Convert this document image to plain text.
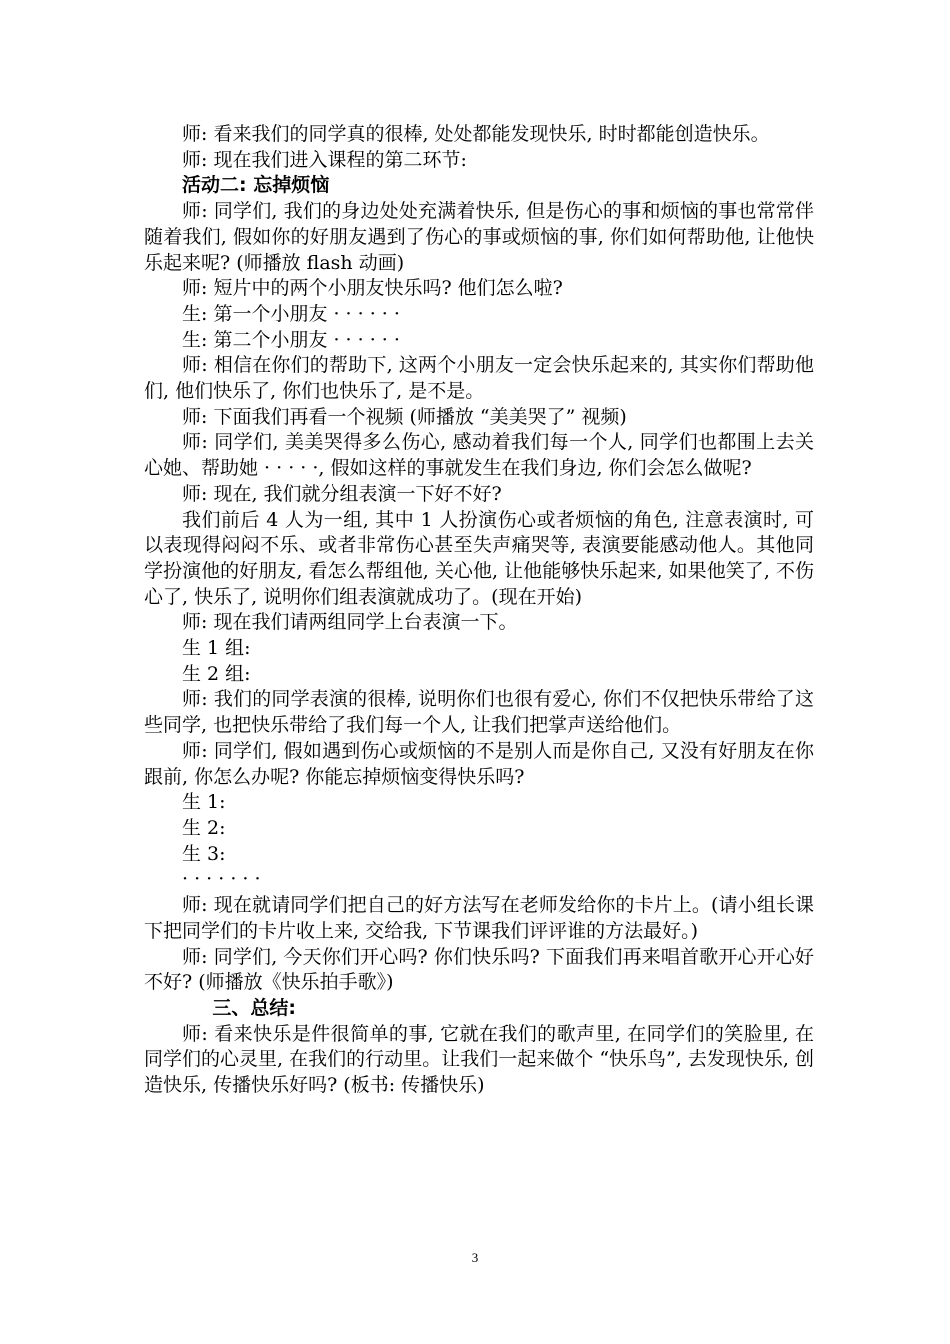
师: 看来我们的同学真的很棒, 处处都能发现快乐, 时时都能创造快乐。

师: 现在我们进入课程的第二环节:

活动二: 忘掉烦恼

师: 同学们, 我们的身边处处充满着快乐, 但是伤心的事和烦恼的事也常常伴随着我们, 假如你的好朋友遇到了伤心的事或烦恼的事, 你们如何帮助他, 让他快乐起来呢? (师播放 flash 动画)

师: 短片中的两个小朋友快乐吗? 他们怎么啦?

生: 第一个小朋友 · · · · · ·

生: 第二个小朋友 · · · · · ·

师: 相信在你们的帮助下, 这两个小朋友一定会快乐起来的, 其实你们帮助他们, 他们快乐了, 你们也快乐了, 是不是。

师: 下面我们再看一个视频 (师播放 “美美哭了” 视频)

师: 同学们, 美美哭得多么伤心, 感动着我们每一个人, 同学们也都围上去关心她、帮助她 · · · · ·, 假如这样的事就发生在我们身边, 你们会怎么做呢?

师: 现在, 我们就分组表演一下好不好?

我们前后 4 人为一组, 其中 1 人扮演伤心或者烦恼的角色, 注意表演时, 可以表现得闷闷不乐、或者非常伤心甚至失声痛哭等, 表演要能感动他人。其他同学扮演他的好朋友, 看怎么帮组他, 关心他, 让他能够快乐起来, 如果他笑了, 不伤心了, 快乐了, 说明你们组表演就成功了。(现在开始)

师: 现在我们请两组同学上台表演一下。

生 1 组:

生 2 组:

师: 我们的同学表演的很棒, 说明你们也很有爱心, 你们不仅把快乐带给了这些同学, 也把快乐带给了我们每一个人, 让我们把掌声送给他们。

师: 同学们, 假如遇到伤心或烦恼的不是别人而是你自己, 又没有好朋友在你跟前, 你怎么办呢? 你能忘掉烦恼变得快乐吗?

生 1:

生 2:

生 3:

· · · · · · ·

师: 现在就请同学们把自己的好方法写在老师发给你的卡片上。(请小组长课下把同学们的卡片收上来, 交给我, 下节课我们评评谁的方法最好。)

师: 同学们, 今天你们开心吗? 你们快乐吗? 下面我们再来唱首歌开心开心好不好? (师播放《快乐拍手歌》)

三、总结:

师: 看来快乐是件很简单的事, 它就在我们的歌声里, 在同学们的笑脸里, 在同学们的心灵里, 在我们的行动里。让我们一起来做个 “快乐鸟”, 去发现快乐, 创造快乐, 传播快乐好吗? (板书: 传播快乐)

3
